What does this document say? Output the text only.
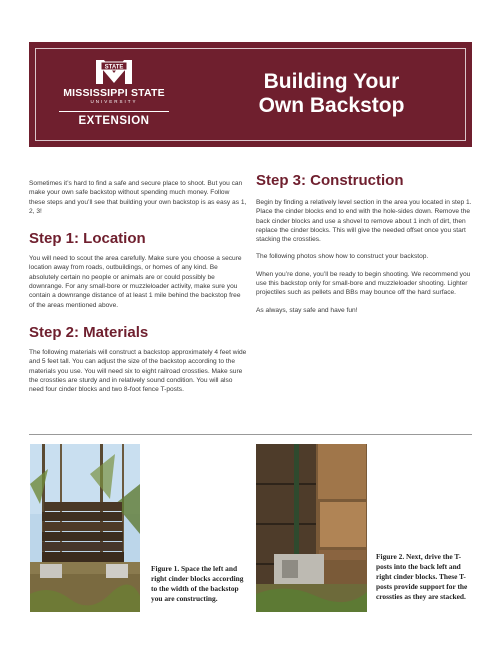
STATE
MISSISSIPPI STATE
UNIVERSITY
EXTENSION
Building Your
Own Backstop

Sometimes it’s hard to find a safe and secure place to shoot. But you can make your own safe backstop without spending much money. Follow these steps and you’ll see that building your own backstop is as easy as 1, 2, 3!

Step 1: Location

You will need to scout the area carefully. Make sure you choose a secure location away from roads, outbuildings, or homes of any kind. Be absolutely certain no people or animals are or could possibly be downrange. For any small-bore or muzzleloader activity, make sure you contain a downrange distance of at least 1 mile behind the backstop free of the areas mentioned above.

Step 2: Materials

The following materials will construct a backstop approximately 4 feet wide and 5 feet tall. You can adjust the size of the backstop according to the materials you use. You will need six to eight railroad crossties. Make sure the crossties are sturdy and in relatively sound condition. You will also need four cinder blocks and two 8-foot fence T-posts.

Step 3: Construction

Begin by finding a relatively level section in the area you located in step 1. Place the cinder blocks end to end with the hole-sides down. Remove the back cinder blocks and use a shovel to remove about 1 inch of dirt, then replace the cinder blocks. This will give the needed offset once you start stacking the crossties.

The following photos show how to construct your backstop.

When you’re done, you’ll be ready to begin shooting. We recommend you use this backstop only for small-bore and muzzleloader shooting. Lighter projectiles such as pellets and BBs may bounce off the hard surface.

As always, stay safe and have fun!

Figure 1. Space the left and right cinder blocks according to the width of the backstop you are constructing.
Figure 2. Next, drive the T-posts into the back left and right cinder blocks. These T-posts provide support for the crossties as they are stacked.
